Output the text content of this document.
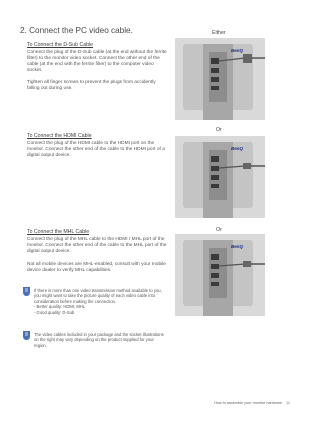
2. Connect the PC video cable.
To Connect the D-Sub Cable
Connect the plug of the D-Sub cable (at the end without the ferrite filter) to the monitor video socket. Connect the other end of the cable (at the end with the ferrite filter) to the computer video socket.
Tighten all finger screws to prevent the plugs from accidently falling out during use.
To Connect the HDMI Cable
Connect the plug of the HDMI cable to the HDMI port on the monitor. Connect the other end of the cable to the HDMI port of a digital output device.
To Connect the MHL Cable
Connect the plug of the MHL cable to the HDMI / MHL port of the monitor. Connect the other end of the cable to the MHL port of the digital output device.
Not all mobile devices are MHL-enabled, consult with your mobile device dealer to verify MHL capabilities.
If there is more than one video transmission method available to you, you might want to take the picture quality of each video cable into consideration before making the connection.
- Better quality: HDMI, MHL
- Good quality: D-Sub
The video cables included in your package and the socket illustrations on the right may vary depending on the product supplied for your region.
Either
Or
Or
BenQ
BenQ
BenQ
How to assemble your monitor hardware 11
